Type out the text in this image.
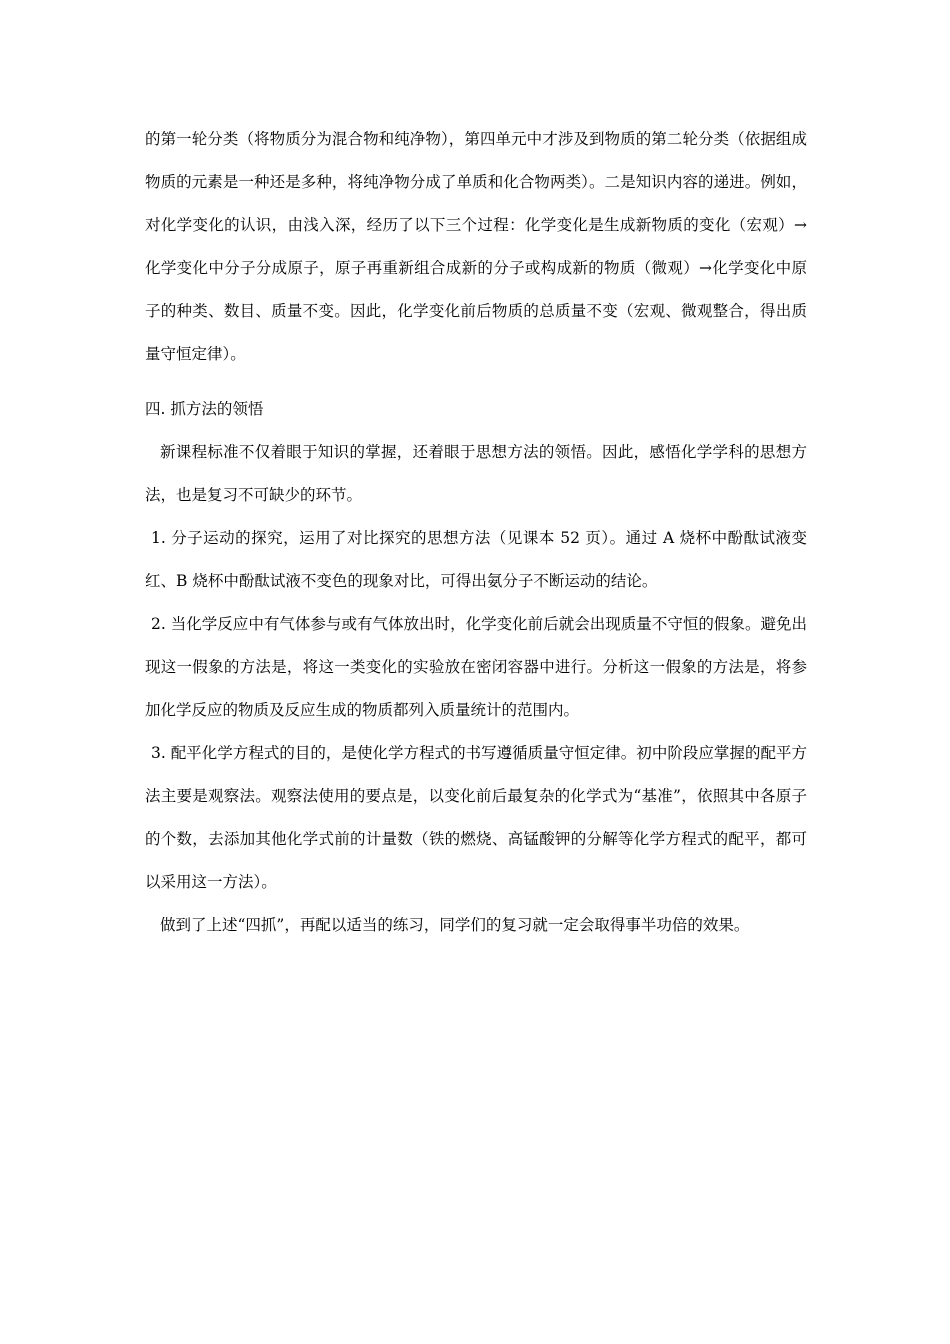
的第一轮分类（将物质分为混合物和纯净物），第四单元中才涉及到物质的第二轮分类（依据组成物质的元素是一种还是多种，将纯净物分成了单质和化合物两类）。二是知识内容的递进。例如，对化学变化的认识，由浅入深，经历了以下三个过程：化学变化是生成新物质的变化（宏观）→化学变化中分子分成原子，原子再重新组合成新的分子或构成新的物质（微观）→化学变化中原子的种类、数目、质量不变。因此，化学变化前后物质的总质量不变（宏观、微观整合，得出质量守恒定律）。

四. 抓方法的领悟

新课程标准不仅着眼于知识的掌握，还着眼于思想方法的领悟。因此，感悟化学学科的思想方法，也是复习不可缺少的环节。

1. 分子运动的探究，运用了对比探究的思想方法（见课本 52 页）。通过 A 烧杯中酚酞试液变红、B 烧杯中酚酞试液不变色的现象对比，可得出氨分子不断运动的结论。

2. 当化学反应中有气体参与或有气体放出时，化学变化前后就会出现质量不守恒的假象。避免出现这一假象的方法是，将这一类变化的实验放在密闭容器中进行。分析这一假象的方法是，将参加化学反应的物质及反应生成的物质都列入质量统计的范围内。

3. 配平化学方程式的目的，是使化学方程式的书写遵循质量守恒定律。初中阶段应掌握的配平方法主要是观察法。观察法使用的要点是，以变化前后最复杂的化学式为“基准”，依照其中各原子的个数，去添加其他化学式前的计量数（铁的燃烧、高锰酸钾的分解等化学方程式的配平，都可以采用这一方法）。

做到了上述“四抓”，再配以适当的练习，同学们的复习就一定会取得事半功倍的效果。
